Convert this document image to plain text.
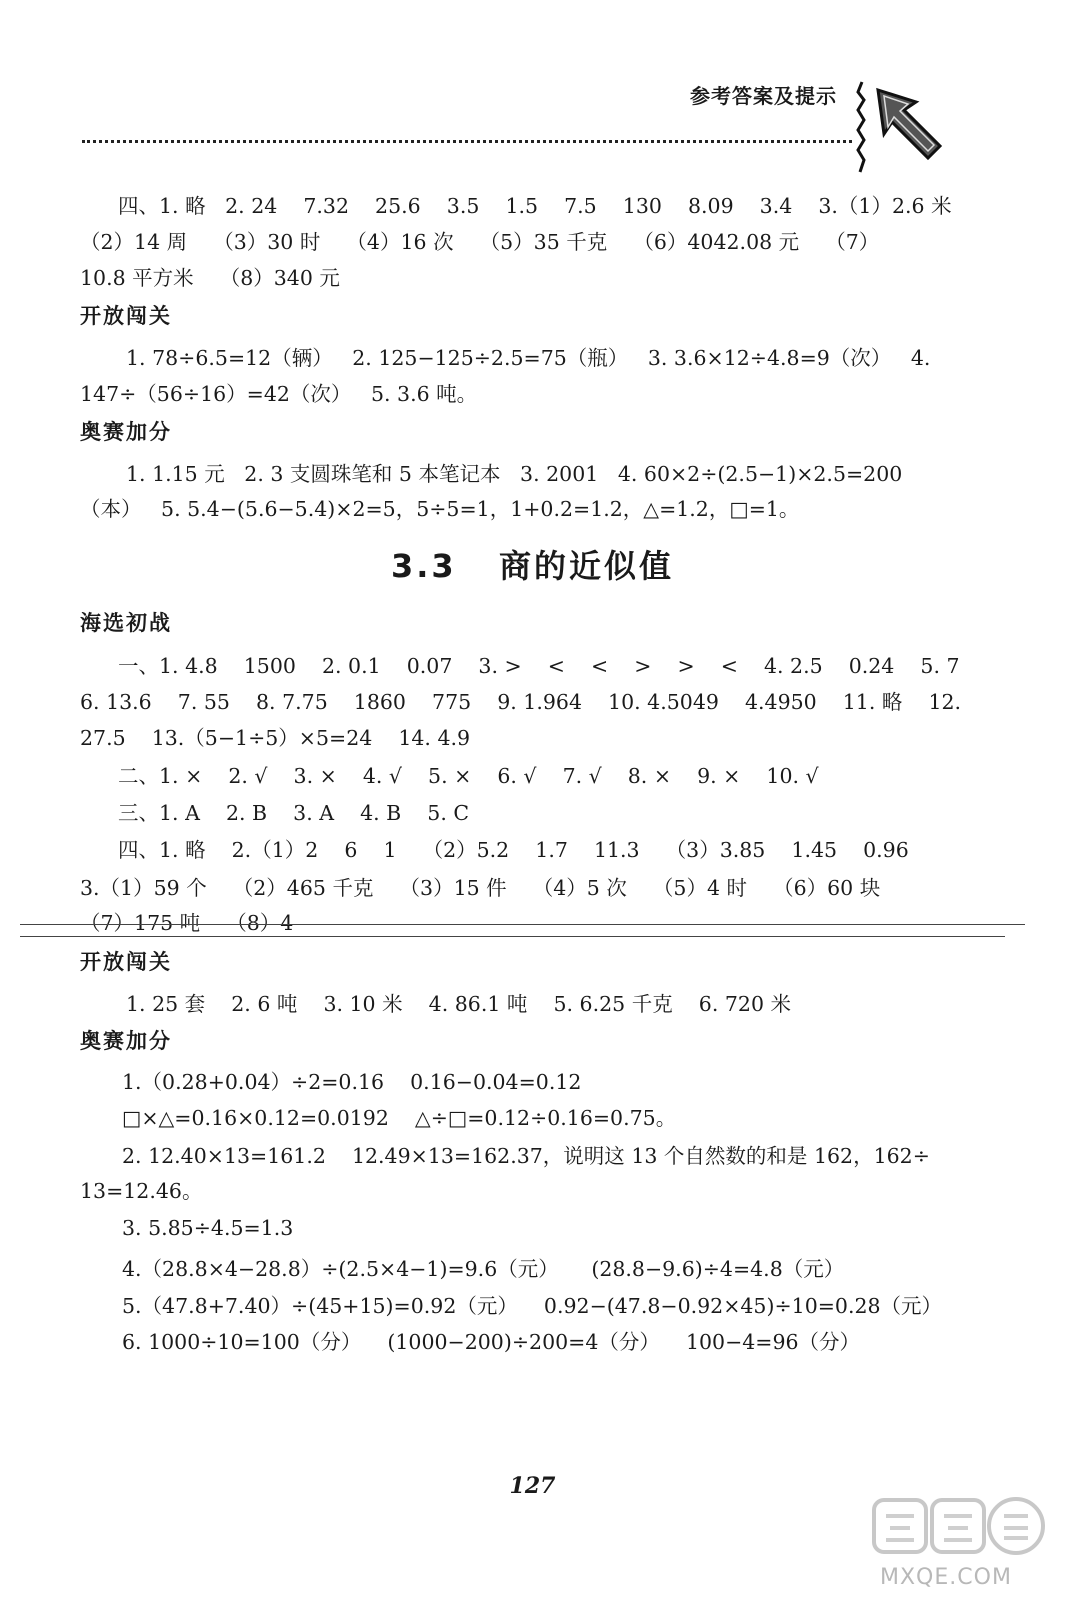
参考答案及提示
四、1. 略   2. 24    7.32    25.6    3.5    1.5    7.5    130    8.09    3.4    3.（1）2.6 米
（2）14 周    （3）30 时    （4）16 次    （5）35 千克    （6）4042.08 元    （7）
10.8 平方米    （8）340 元
开放闯关
1. 78÷6.5=12（辆）   2. 125−125÷2.5=75（瓶）   3. 3.6×12÷4.8=9（次）   4.
147÷（56÷16）=42（次）   5. 3.6 吨。
奥赛加分
1. 1.15 元   2. 3 支圆珠笔和 5 本笔记本   3. 2001   4. 60×2÷(2.5−1)×2.5=200
（本）   5. 5.4−(5.6−5.4)×2=5，5÷5=1，1+0.2=1.2，△=1.2，□=1。
3.3   商的近似值
海选初战
一、1. 4.8    1500    2. 0.1    0.07    3. >    <    <    >    >    <    4. 2.5    0.24    5. 7
6. 13.6    7. 55    8. 7.75    1860    775    9. 1.964    10. 4.5049    4.4950    11. 略    12.
27.5    13.（5−1÷5）×5=24    14. 4.9
二、1. ×    2. √    3. ×    4. √    5. ×    6. √    7. √    8. ×    9. ×    10. √
三、1. A    2. B    3. A    4. B    5. C
四、1. 略    2.（1）2    6    1    （2）5.2    1.7    11.3    （3）3.85    1.45    0.96
3.（1）59 个    （2）465 千克    （3）15 件    （4）5 次    （5）4 时    （6）60 块
（7）175 吨    （8）4
开放闯关
1. 25 套    2. 6 吨    3. 10 米    4. 86.1 吨    5. 6.25 千克    6. 720 米
奥赛加分
1.（0.28+0.04）÷2=0.16    0.16−0.04=0.12
□×△=0.16×0.12=0.0192    △÷□=0.12÷0.16=0.75。
2. 12.40×13=161.2    12.49×13=162.37，说明这 13 个自然数的和是 162，162÷
13=12.46。
3. 5.85÷4.5=1.3
4.（28.8×4−28.8）÷(2.5×4−1)=9.6（元）     (28.8−9.6)÷4=4.8（元）
5.（47.8+7.40）÷(45+15)=0.92（元）    0.92−(47.8−0.92×45)÷10=0.28（元）
6. 1000÷10=100（分）    (1000−200)÷200=4（分）    100−4=96（分）
127
MXQE.COM
